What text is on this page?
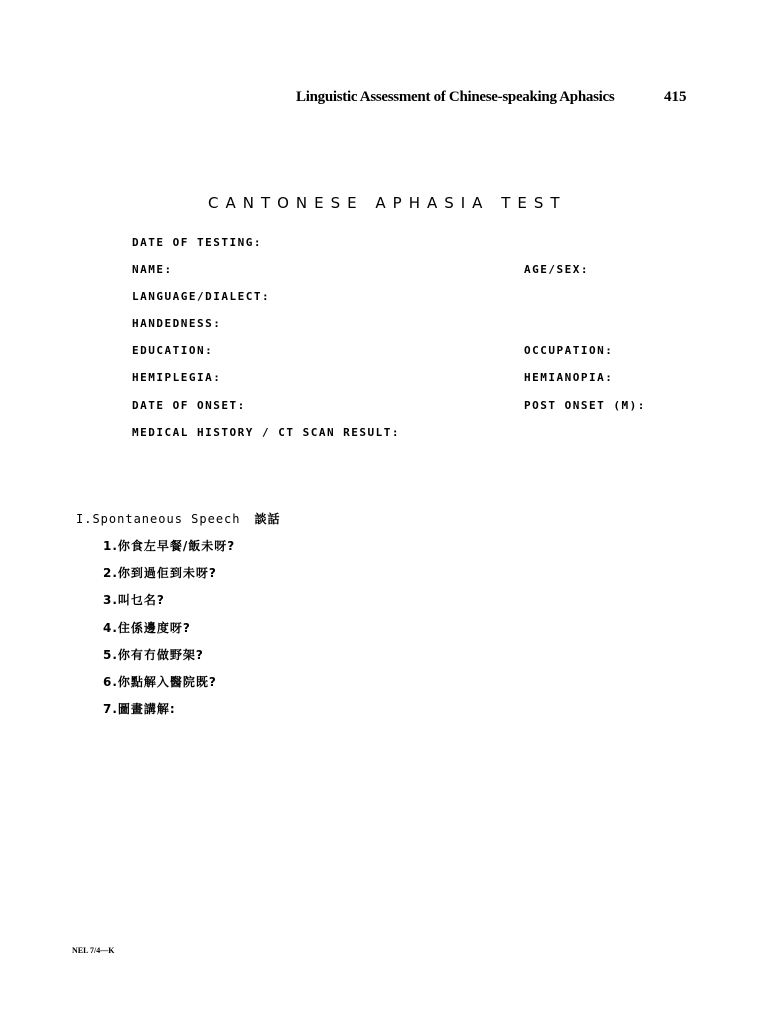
Linguistic Assessment of Chinese-speaking Aphasics	415
CANTONESE APHASIA TEST
DATE OF TESTING:
NAME:	AGE/SEX:
LANGUAGE/DIALECT:
HANDEDNESS:
EDUCATION:	OCCUPATION:
HEMIPLEGIA:	HEMIANOPIA:
DATE OF ONSET:	POST ONSET (M):
MEDICAL HISTORY / CT SCAN RESULT:
I.Spontaneous Speech 談話
1.你食左早餐/飯未呀?
2.你到過佢到未呀?
3.叫乜名?
4.住係邊度呀?
5.你有冇做野架?
6.你點解入醫院既?
7.圖畫講解:
NEL 7/4—K
